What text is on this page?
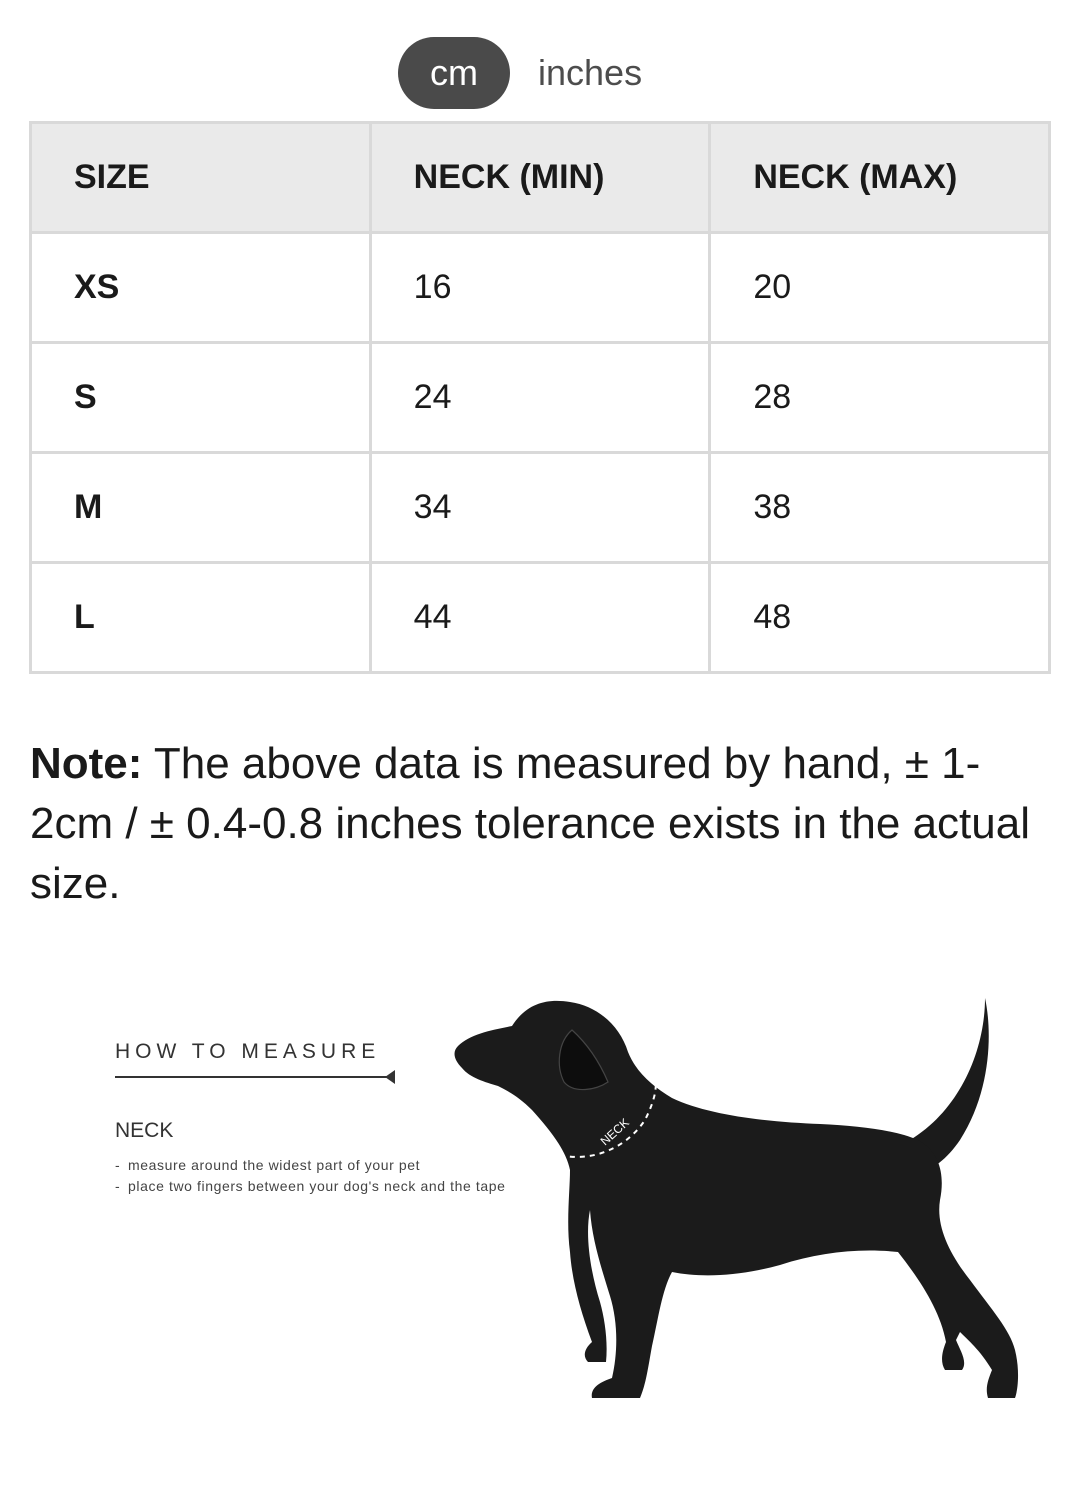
cm	inches
SIZE	NECK (MIN)	NECK (MAX)
XS	16	20
S	24	28
M	34	38
L	44	48
Note: The above data is measured by hand, ± 1-2cm / ± 0.4-0.8 inches tolerance exists in the actual size.
HOW TO MEASURE
NECK
- measure around the widest part of your pet
- place two fingers between your dog's neck and the tape
NECK
